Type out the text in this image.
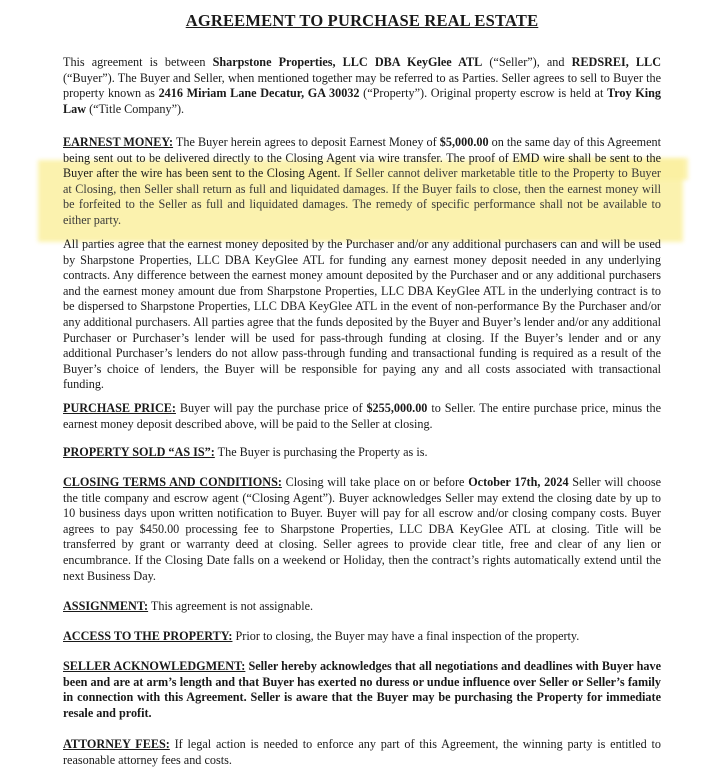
AGREEMENT TO PURCHASE REAL ESTATE

This agreement is between Sharpstone Properties, LLC DBA KeyGlee ATL (“Seller”), and REDSREI, LLC (“Buyer”). The Buyer and Seller, when mentioned together may be referred to as Parties. Seller agrees to sell to Buyer the property known as 2416 Miriam Lane Decatur, GA 30032 (“Property”). Original property escrow is held at Troy King Law (“Title Company”).

EARNEST MONEY: The Buyer herein agrees to deposit Earnest Money of $5,000.00 on the same day of this Agreement being sent out to be delivered directly to the Closing Agent via wire transfer. The proof of EMD wire shall be sent to the Buyer after the wire has been sent to the Closing Agent. If Seller cannot deliver marketable title to the Property to Buyer at Closing, then Seller shall return as full and liquidated damages. If the Buyer fails to close, then the earnest money will be forfeited to the Seller as full and liquidated damages. The remedy of specific performance shall not be available to either party.

All parties agree that the earnest money deposited by the Purchaser and/or any additional purchasers can and will be used by Sharpstone Properties, LLC DBA KeyGlee ATL for funding any earnest money deposit needed in any underlying contracts. Any difference between the earnest money amount deposited by the Purchaser and or any additional purchasers and the earnest money amount due from Sharpstone Properties, LLC DBA KeyGlee ATL in the underlying contract is to be dispersed to Sharpstone Properties, LLC DBA KeyGlee ATL in the event of non-performance By the Purchaser and/or any additional purchasers. All parties agree that the funds deposited by the Buyer and Buyer’s lender and/or any additional Purchaser or Purchaser’s lender will be used for pass-through funding at closing. If the Buyer’s lender and or any additional Purchaser’s lenders do not allow pass-through funding and transactional funding is required as a result of the Buyer’s choice of lenders, the Buyer will be responsible for paying any and all costs associated with transactional funding.

PURCHASE PRICE: Buyer will pay the purchase price of $255,000.00 to Seller. The entire purchase price, minus the earnest money deposit described above, will be paid to the Seller at closing.

PROPERTY SOLD “AS IS”: The Buyer is purchasing the Property as is.

CLOSING TERMS AND CONDITIONS: Closing will take place on or before October 17th, 2024 Seller will choose the title company and escrow agent (“Closing Agent”). Buyer acknowledges Seller may extend the closing date by up to 10 business days upon written notification to Buyer. Buyer will pay for all escrow and/or closing company costs. Buyer agrees to pay $450.00 processing fee to Sharpstone Properties, LLC DBA KeyGlee ATL at closing. Title will be transferred by grant or warranty deed at closing. Seller agrees to provide clear title, free and clear of any lien or encumbrance. If the Closing Date falls on a weekend or Holiday, then the contract’s rights automatically extend until the next Business Day.

ASSIGNMENT: This agreement is not assignable.

ACCESS TO THE PROPERTY: Prior to closing, the Buyer may have a final inspection of the property.

SELLER ACKNOWLEDGMENT: Seller hereby acknowledges that all negotiations and deadlines with Buyer have been and are at arm’s length and that Buyer has exerted no duress or undue influence over Seller or Seller’s family in connection with this Agreement. Seller is aware that the Buyer may be purchasing the Property for immediate resale and profit.

ATTORNEY FEES: If legal action is needed to enforce any part of this Agreement, the winning party is entitled to reasonable attorney fees and costs.
